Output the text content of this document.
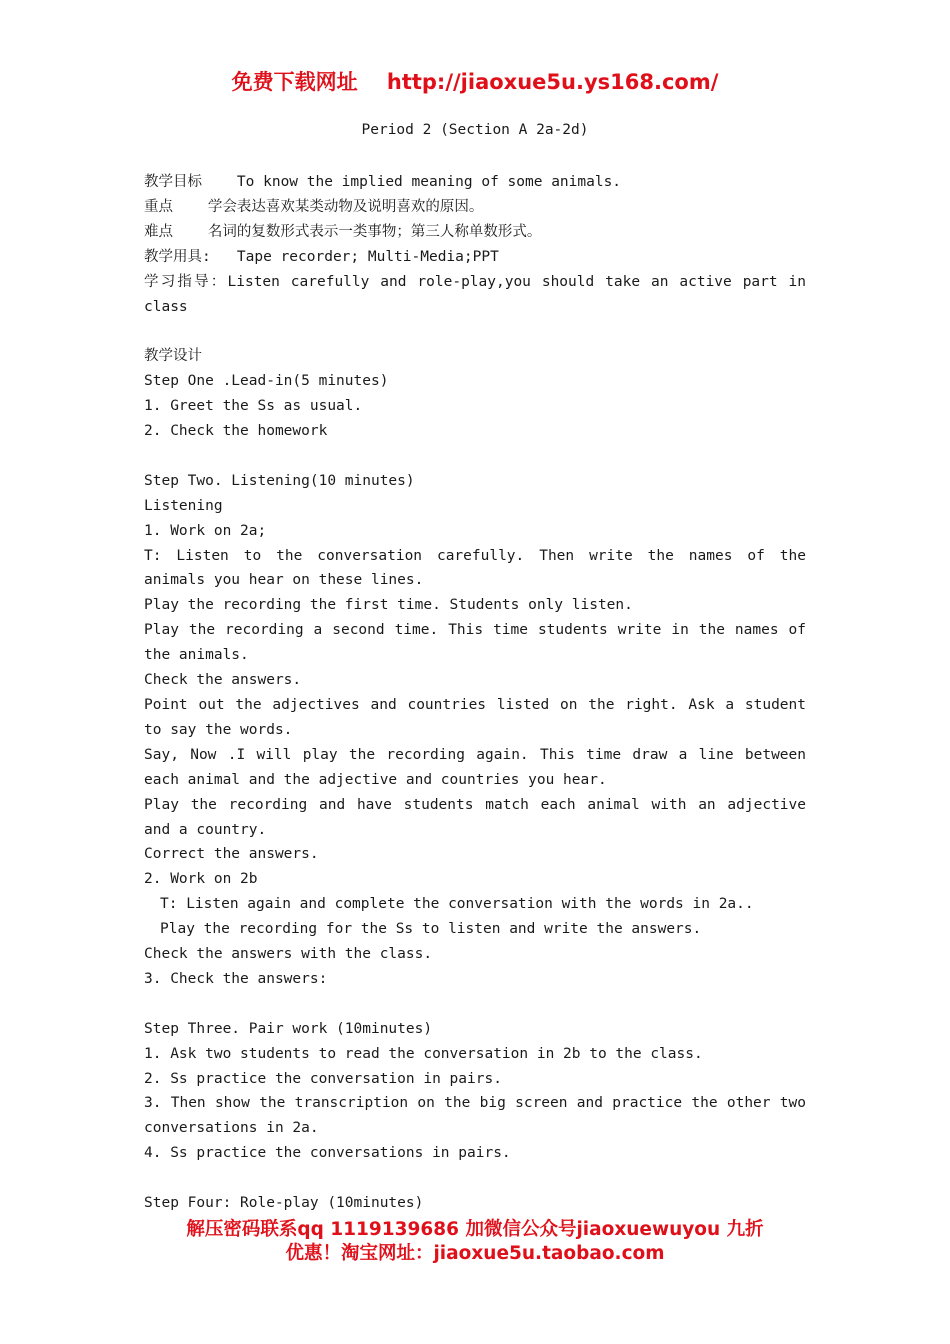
免费下载网址 http://jiaoxue5u.ys168.com/
Period 2 (Section A 2a-2d)
教学目标    To know the implied meaning of some animals.
重点    学会表达喜欢某类动物及说明喜欢的原因。
难点    名词的复数形式表示一类事物；第三人称单数形式。
教学用具:   Tape recorder; Multi-Media;PPT
学习指导：Listen carefully and role-play,you should take an active part in class
教学设计
Step One .Lead-in(5 minutes)
1. Greet the Ss as usual.
2. Check the homework
Step Two. Listening(10 minutes)
Listening
1. Work on 2a;
T: Listen to the conversation carefully. Then write the names of the animals you hear on these lines.
Play the recording the first time. Students only listen.
Play the recording a second time. This time students write in the names of the animals.
Check the answers.
Point out the adjectives and countries listed on the right. Ask a student to say the words.
Say, Now .I will play the recording again. This time draw a line between each animal and the adjective and countries you hear.
Play the recording and have students match each animal with an adjective and a country.
Correct the answers.
2. Work on 2b
T: Listen again and complete the conversation with the words in 2a..
Play the recording for the Ss to listen and write the answers.
Check the answers with the class.
3. Check the answers:
Step Three. Pair work (10minutes)
1. Ask two students to read the conversation in 2b to the class.
2. Ss practice the conversation in pairs.
3. Then show the transcription on the big screen and practice the other two conversations in 2a.
4. Ss practice the conversations in pairs.
Step Four: Role-play (10minutes)
解压密码联系qq 1119139686 加微信公众号jiaoxuewuyou 九折
优惠！淘宝网址：jiaoxue5u.taobao.com
